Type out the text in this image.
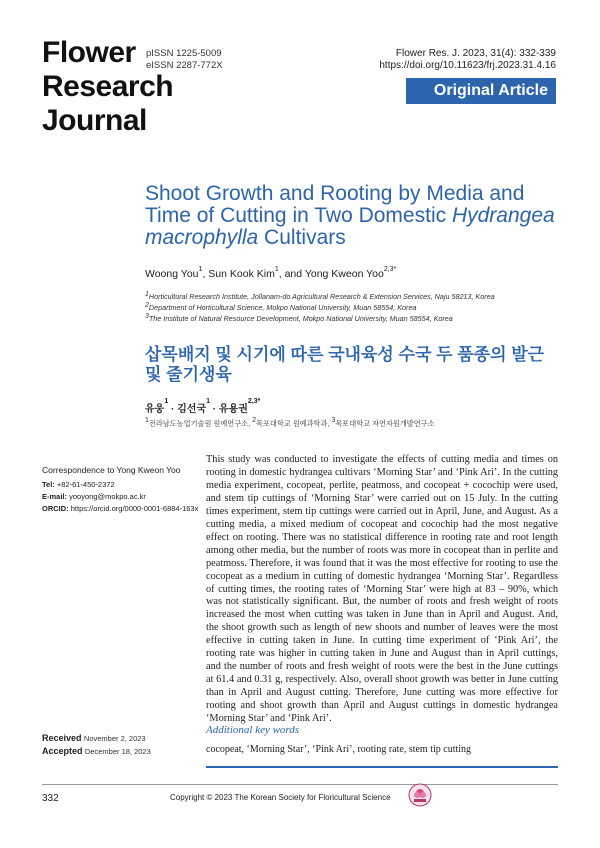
Flower
Research
Journal
pISSN 1225-5009
eISSN 2287-772X
Flower Res. J. 2023, 31(4): 332-339
https://doi.org/10.11623/frj.2023.31.4.16
Original Article
Shoot Growth and Rooting by Media and Time of Cutting in Two Domestic Hydrangea macrophylla Cultivars
Woong You$^1$, Sun Kook Kim$^1$, and Yong Kweon Yoo$^{2,3*}$
$^1$Horticultural Research Institute, Jollanam-do Agricultural Research & Extension Services, Naju 58213, Korea
$^2$Department of Horticultural Science, Mokpo National University, Muan 58554, Korea
$^3$The Institute of Natural Resource Development, Mokpo National University, Muan 58554, Korea
삽목배지 및 시기에 따른 국내육성 수국 두 품종의 발근 및 줄기생육
유웅$^1$ · 김선국$^1$ · 유용권$^{2,3*}$
$^1$전라남도농업기술원 원예연구소, $^2$목포대학교 원예과학과, $^3$목포대학교 자연자원개발연구소
Correspondence to Yong Kweon Yoo
Tel: +82-61-450-2372
E-mail: yooyong@mokpo.ac.kr
ORCID: https://orcid.org/0000-0001-6884-163x
This study was conducted to investigate the effects of cutting media and times on rooting in domestic hydrangea cultivars ‘Morning Star’ and ‘Pink Ari’. In the cutting media experiment, cocopeat, perlite, peatmoss, and cocopeat + cocochip were used, and stem tip cuttings of ‘Morning Star’ were carried out on 15 July. In the cutting times experiment, stem tip cuttings were carried out in April, June, and August. As a cutting media, a mixed medium of cocopeat and cocochip had the most negative effect on rooting. There was no statistical difference in rooting rate and root length among other media, but the number of roots was more in cocopeat than in perlite and peatmoss. Therefore, it was found that it was the most effective for rooting to use the cocopeat as a medium in cutting of domestic hydrangea ‘Morning Star’. Regardless of cutting times, the rooting rates of ‘Morning Star’ were high at 83 – 90%, which was not statistically significant. But, the number of roots and fresh weight of roots increased the most when cutting was taken in June than in April and August. And, the shoot growth such as length of new shoots and number of leaves were the most effective in cutting taken in June. In cutting time experiment of ‘Pink Ari’, the rooting rate was higher in cutting taken in June and August than in April cuttings, and the number of roots and fresh weight of roots were the best in the June cuttings at 61.4 and 0.31 g, respectively. Also, overall shoot growth was better in June cutting than in April and August cutting. Therefore, June cutting was more effective for rooting and shoot growth than April and August cuttings in domestic hydrangea ‘Morning Star’ and ‘Pink Ari’.
Received November 2, 2023
Accepted December 18, 2023
Additional key words
cocopeat, ‘Morning Star’, ‘Pink Ari’, rooting rate, stem tip cutting
332	Copyright © 2023 The Korean Society for Floricultural Science
